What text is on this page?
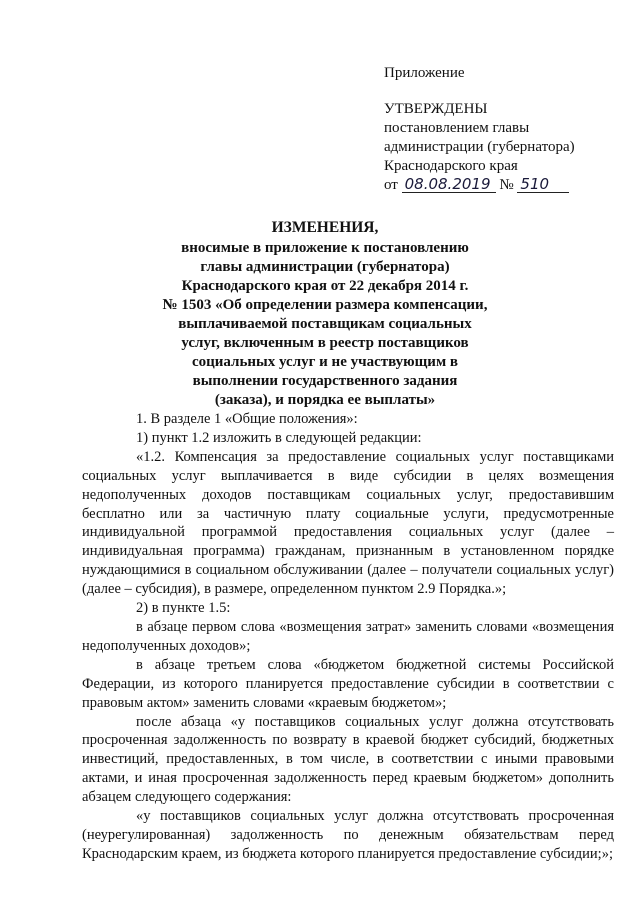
Приложение
УТВЕРЖДЕНЫ
постановлением главы
администрации (губернатора)
Краснодарского края
от 08.08.2019 № 510
ИЗМЕНЕНИЯ,
вносимые в приложение к постановлению
главы администрации (губернатора)
Краснодарского края от 22 декабря 2014 г.
№ 1503 «Об определении размера компенсации,
выплачиваемой поставщикам социальных
услуг, включенным в реестр поставщиков
социальных услуг и не участвующим в
выполнении государственного задания
(заказа), и порядка ее выплаты»

1. В разделе 1 «Общие положения»:

1) пункт 1.2 изложить в следующей редакции:

«1.2. Компенсация за предоставление социальных услуг поставщиками социальных услуг выплачивается в виде субсидии в целях возмещения недополученных доходов поставщикам социальных услуг, предоставившим бесплатно или за частичную плату социальные услуги, предусмотренные индивидуальной программой предоставления социальных услуг (далее – индивидуальная программа) гражданам, признанным в установленном порядке нуждающимися в социальном обслуживании (далее – получатели социальных услуг) (далее – субсидия), в размере, определенном пунктом 2.9 Порядка.»;

2) в пункте 1.5:

в абзаце первом слова «возмещения затрат» заменить словами «возмещения недополученных доходов»;

в абзаце третьем слова «бюджетом бюджетной системы Российской Федерации, из которого планируется предоставление субсидии в соответствии с правовым актом» заменить словами «краевым бюджетом»;

после абзаца «у поставщиков социальных услуг должна отсутствовать просроченная задолженность по возврату в краевой бюджет субсидий, бюджетных инвестиций, предоставленных, в том числе, в соответствии с иными правовыми актами, и иная просроченная задолженность перед краевым бюджетом» дополнить абзацем следующего содержания:

«у поставщиков социальных услуг должна отсутствовать просроченная (неурегулированная) задолженность по денежным обязательствам перед Краснодарским краем, из бюджета которого планируется предоставление субсидии;»;
